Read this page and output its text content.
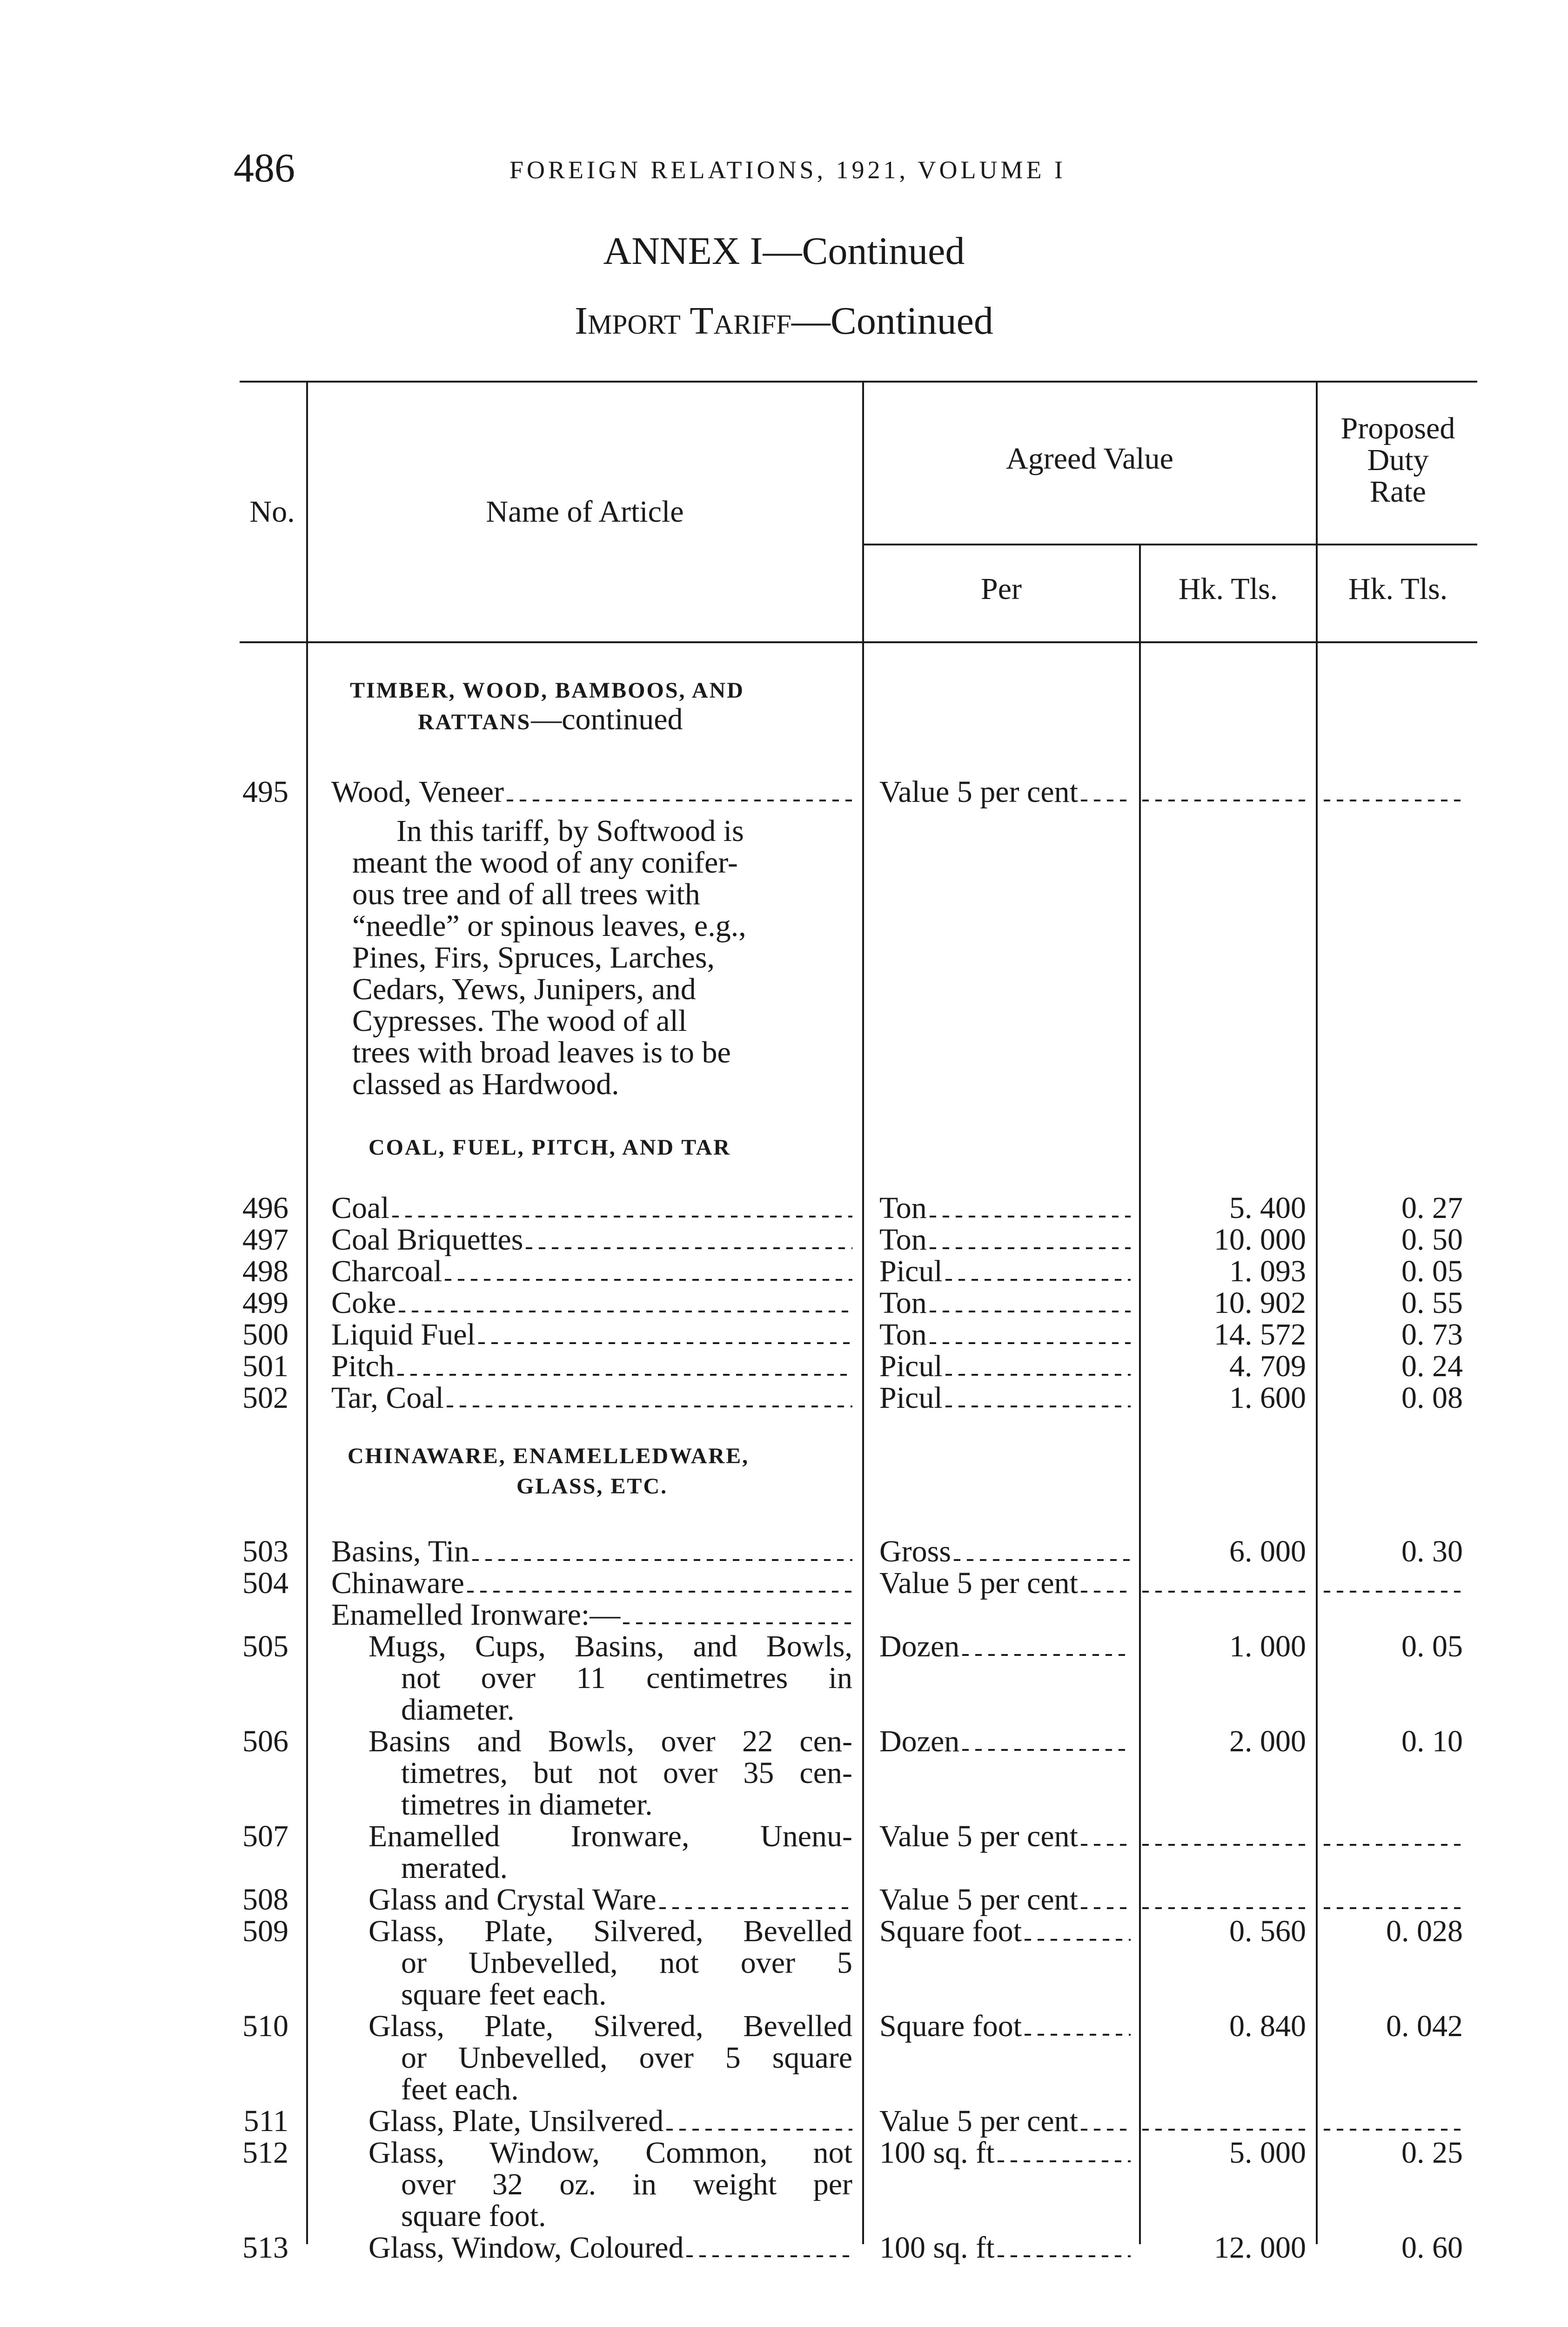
486	FOREIGN RELATIONS, 1921, VOLUME I
ANNEX I—Continued
Import Tariff—Continued
No.	Name of Article
Agreed Value
Proposed
Duty
Rate
Per	Hk. Tls.	Hk. Tls.
TIMBER, WOOD, BAMBOOS, AND
RATTANS—continued
COAL, FUEL, PITCH, AND TAR
CHINAWARE, ENAMELLEDWARE,
GLASS, ETC.
In this tariff, by Softwood is
meant the wood of any conifer-
ous tree and of all trees with
“needle” or spinous leaves, e.g.,
Pines, Firs, Spruces, Larches,
Cedars, Yews, Junipers, and
Cypresses. The wood of all
trees with broad leaves is to be
classed as Hardwood.
495 Wood, Veneer	Value 5 per cent
496 Coal	Ton	5. 400	0. 27
497 Coal Briquettes	Ton	10. 000	0. 50
498 Charcoal	Picul	1. 093	0. 05
499 Coke	Ton	10. 902	0. 55
500 Liquid Fuel	Ton	14. 572	0. 73
501 Pitch	Picul	4. 709	0. 24
502 Tar, Coal	Picul	1. 600	0. 08
503 Basins, Tin	Gross	6. 000	0. 30
504 Chinaware	Value 5 per cent
Enamelled Ironware:—
505	Mugs, Cups, Basins, and Bowls,
not over 11 centimetres in
diameter.
Dozen	1. 000	0. 05
506	Basins and Bowls, over 22 cen-
timetres, but not over 35 cen-
timetres in diameter.
Dozen	2. 000	0. 10
507	Enamelled Ironware, Unenu-
merated.
Value 5 per cent
508	Glass and Crystal Ware	Value 5 per cent
509	Glass, Plate, Silvered, Bevelled
or Unbevelled, not over 5
square feet each.
Square foot	0. 560	0. 028
510	Glass, Plate, Silvered, Bevelled
or Unbevelled, over 5 square
feet each.
Square foot	0. 840	0. 042
511	Glass, Plate, Unsilvered	Value 5 per cent
512	Glass, Window, Common, not
over 32 oz. in weight per
square foot.
100 sq. ft	5. 000	0. 25
513	Glass, Window, Coloured	100 sq. ft	12. 000	0. 60
